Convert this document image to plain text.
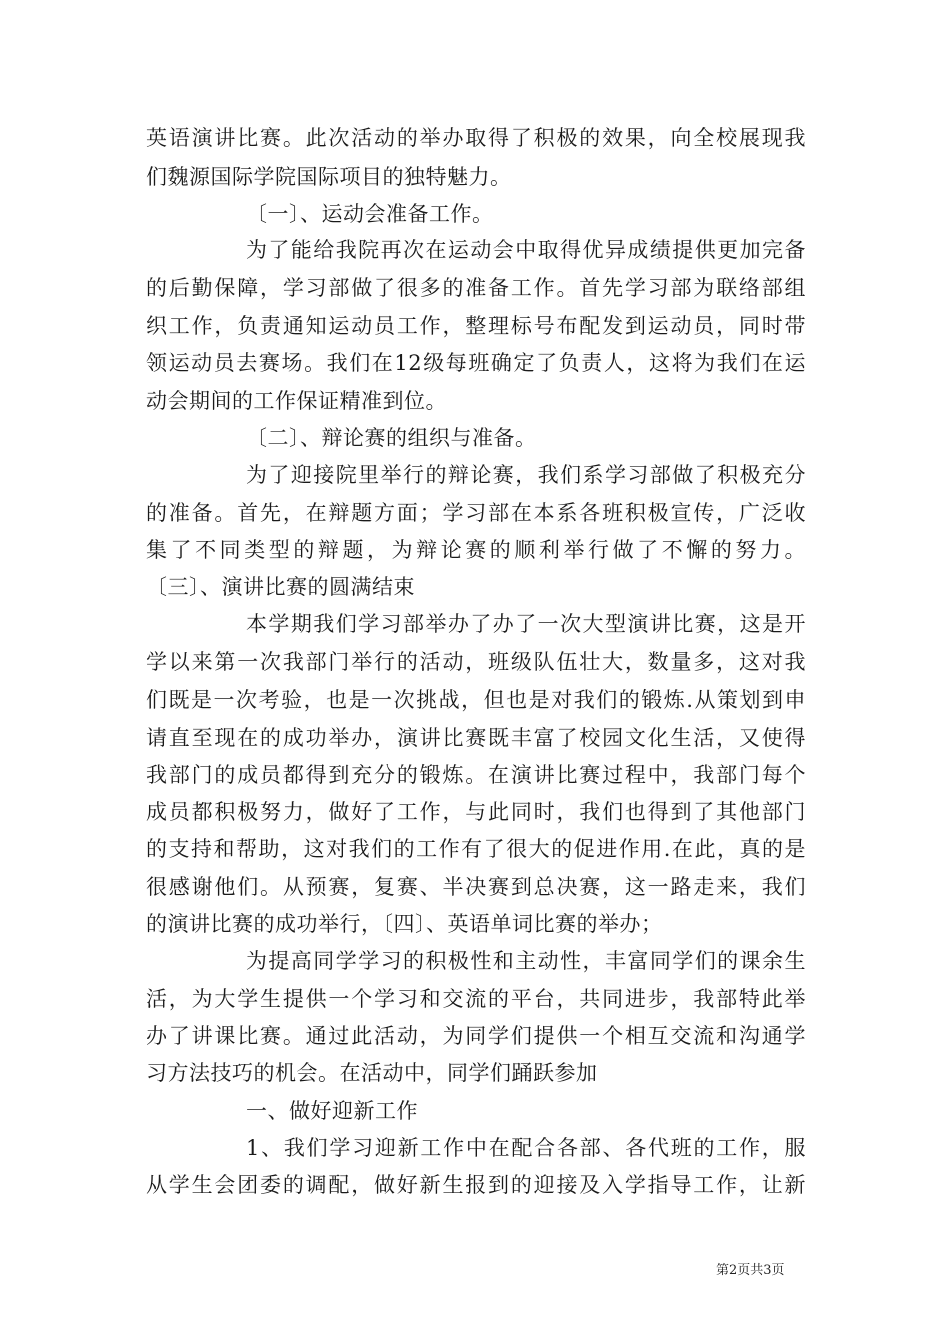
英语演讲比赛。此次活动的举办取得了积极的效果，向全校展现我
们魏源国际学院国际项目的独特魅力。
〔一〕、运动会准备工作。
为了能给我院再次在运动会中取得优异成绩提供更加完备
的后勤保障，学习部做了很多的准备工作。首先学习部为联络部组
织工作，负责通知运动员工作，整理标号布配发到运动员，同时带
领运动员去赛场。我们在12级每班确定了负责人，这将为我们在运
动会期间的工作保证精准到位。
〔二〕、辩论赛的组织与准备。
为了迎接院里举行的辩论赛，我们系学习部做了积极充分
的准备。首先，在辩题方面；学习部在本系各班积极宣传，广泛收
集了不同类型的辩题，为辩论赛的顺利举行做了不懈的努力。
〔三〕、演讲比赛的圆满结束
本学期我们学习部举办了办了一次大型演讲比赛，这是开
学以来第一次我部门举行的活动，班级队伍壮大，数量多，这对我
们既是一次考验，也是一次挑战，但也是对我们的锻炼.从策划到申
请直至现在的成功举办，演讲比赛既丰富了校园文化生活，又使得
我部门的成员都得到充分的锻炼。在演讲比赛过程中，我部门每个
成员都积极努力，做好了工作，与此同时，我们也得到了其他部门
的支持和帮助，这对我们的工作有了很大的促进作用.在此，真的是
很感谢他们。从预赛，复赛、半决赛到总决赛，这一路走来，我们
的演讲比赛的成功举行，〔四〕、英语单词比赛的举办；
为提高同学学习的积极性和主动性，丰富同学们的课余生
活，为大学生提供一个学习和交流的平台，共同进步，我部特此举
办了讲课比赛。通过此活动，为同学们提供一个相互交流和沟通学
习方法技巧的机会。在活动中，同学们踊跃参加
一、做好迎新工作
1、我们学习迎新工作中在配合各部、各代班的工作，服
从学生会团委的调配，做好新生报到的迎接及入学指导工作，让新
第2页共3页
